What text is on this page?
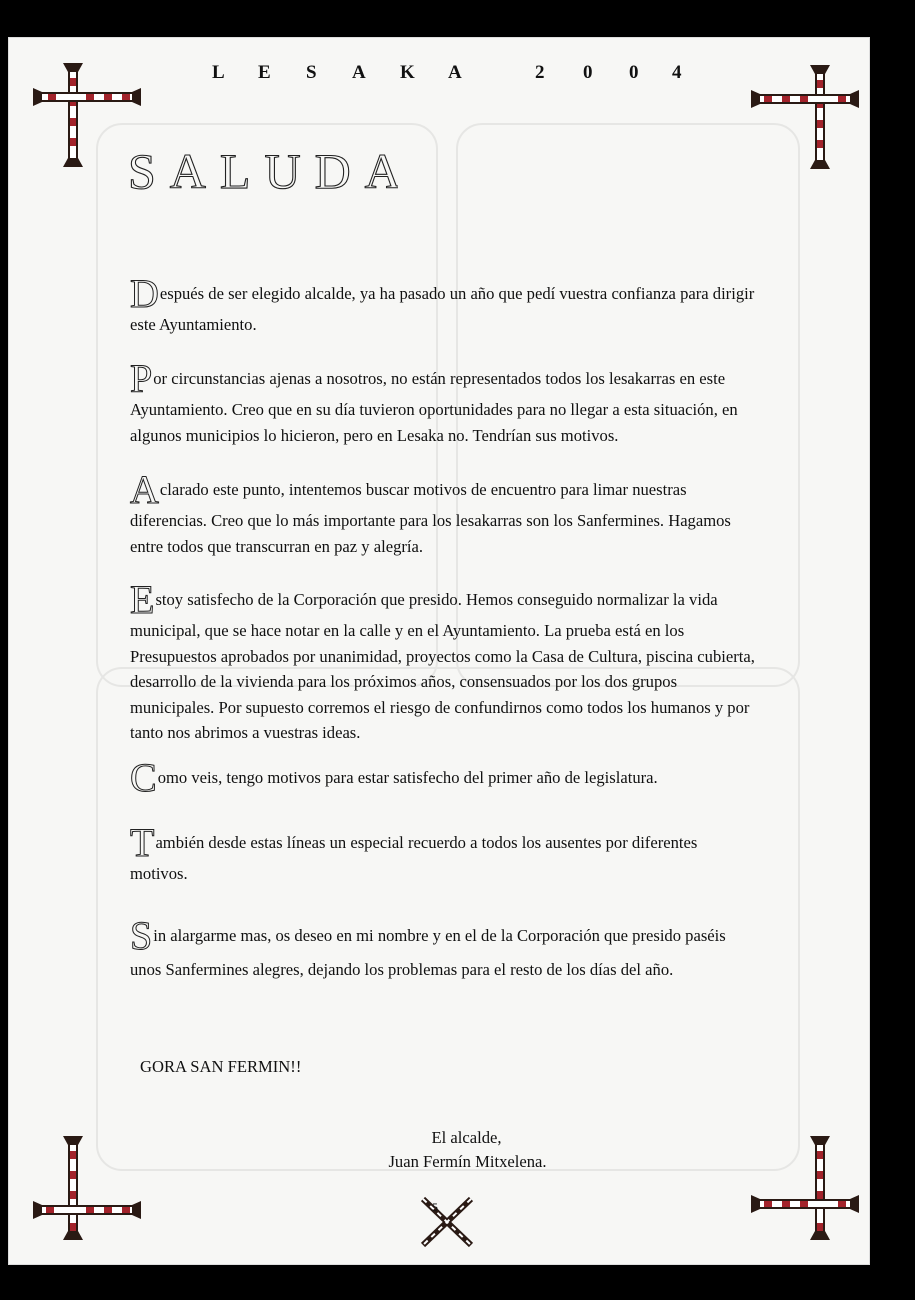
L E S A K A	2 0 0 4
SALUDA

Después de ser elegido alcalde, ya ha pasado un año que pedí vuestra confianza para dirigir este Ayuntamiento.

Por circunstancias ajenas a nosotros, no están representados todos los lesakarras en este Ayuntamiento. Creo que en su día tuvieron oportunidades para no llegar a esta situación, en algunos municipios lo hicieron, pero en Lesaka no. Tendrían sus motivos.

Aclarado este punto, intentemos buscar motivos de encuentro para limar nuestras diferencias. Creo que lo más importante para los lesakarras son los Sanfermines. Hagamos entre todos que transcurran en paz y alegría.

Estoy satisfecho de la Corporación que presido. Hemos conseguido normalizar la vida municipal, que se hace notar en la calle y en el Ayuntamiento. La prueba está en los Presupuestos aprobados por unanimidad, proyectos como la Casa de Cultura, piscina cubierta, desarrollo de la vivienda para los próximos años, consensuados por los dos grupos municipales. Por supuesto corremos el riesgo de confundirnos como todos los humanos y por tanto nos abrimos a vuestras ideas.

Como veis, tengo motivos para estar satisfecho del primer año de legislatura.

También desde estas líneas un especial recuerdo a todos los ausentes por diferentes motivos.

Sin alargarme mas, os deseo en mi nombre y en el de la Corporación que presido paséis unos Sanfermines alegres, dejando los problemas para el resto de los días del año.

GORA SAN FERMIN!!
El alcalde,
Juan Fermín Mitxelena.
5
